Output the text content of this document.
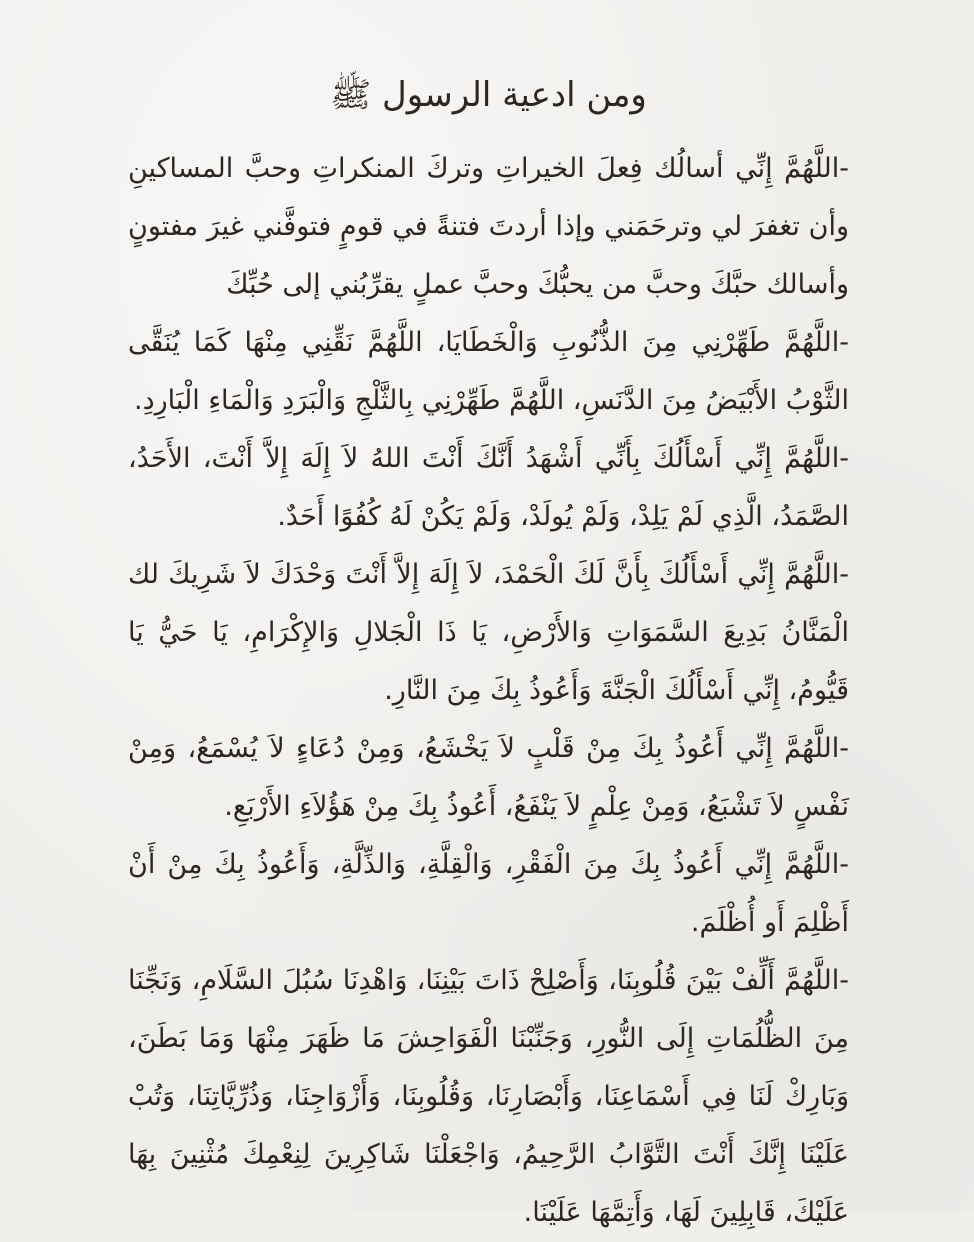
ومن ادعية الرسول ﷺ

-اللَّهُمَّ إِنِّي أسالُك فِعلَ الخيراتِ وتركَ المنكراتِ وحبَّ المساكينِ وأن تغفرَ لي وترحَمَني وإذا أردتَ فتنةً في قومٍ فتوفَّني غيرَ مفتونٍ وأسالك حبَّكَ وحبَّ من يحبُّكَ وحبَّ عملٍ يقرِّبُني إلى حُبِّكَ

-اللَّهُمَّ طَهِّرْنِي مِنَ الذُّنُوبِ وَالْخَطَايَا، اللَّهُمَّ نَقِّنِي مِنْهَا كَمَا يُنَقَّى الثَّوْبُ الأَبْيَضُ مِنَ الدَّنَسِ، اللَّهُمَّ طَهِّرْنِي بِالثَّلْجِ وَالْبَرَدِ وَالْمَاءِ الْبَارِدِ.

-اللَّهُمَّ إِنِّي أَسْأَلُكَ بِأَنِّي أَشْهَدُ أَنَّكَ أَنْتَ اللهُ لاَ إِلَهَ إِلاَّ أَنْتَ، الأَحَدُ، الصَّمَدُ، الَّذِي لَمْ يَلِدْ، وَلَمْ يُولَدْ، وَلَمْ يَكُنْ لَهُ كُفُوًا أَحَدٌ.

-اللَّهُمَّ إِنِّي أَسْأَلُكَ بِأَنَّ لَكَ الْحَمْدَ، لاَ إِلَهَ إِلاَّ أَنْتَ وَحْدَكَ لاَ شَرِيكَ لك الْمَنَّانُ بَدِيعَ السَّمَوَاتِ وَالأَرْضِ، يَا ذَا الْجَلالِ وَالإِكْرَامِ، يَا حَيُّ يَا قَيُّومُ، إِنِّي أَسْأَلُكَ الْجَنَّةَ وَأَعُوذُ بِكَ مِنَ النَّارِ.

-اللَّهُمَّ إِنِّي أَعُوذُ بِكَ مِنْ قَلْبٍ لاَ يَخْشَعُ، وَمِنْ دُعَاءٍ لاَ يُسْمَعُ، وَمِنْ نَفْسٍ لاَ تَشْبَعُ، وَمِنْ عِلْمٍ لاَ يَنْفَعُ، أَعُوذُ بِكَ مِنْ هَؤُلاَءِ الأَرْبَعِ.

-اللَّهُمَّ إِنِّي أَعُوذُ بِكَ مِنَ الْفَقْرِ، وَالْقِلَّةِ، وَالذِّلَّةِ، وَأَعُوذُ بِكَ مِنْ أَنْ أَظْلِمَ أَو أُظْلَمَ.

-اللَّهُمَّ أَلِّفْ بَيْنَ قُلُوبِنَا، وَأَصْلِحْ ذَاتَ بَيْنِنَا، وَاهْدِنَا سُبُلَ السَّلَامِ، وَنَجِّنَا مِنَ الظُّلُمَاتِ إِلَى النُّورِ، وَجَنِّبْنَا الْفَوَاحِشَ مَا ظَهَرَ مِنْهَا وَمَا بَطَنَ، وَبَارِكْ لَنَا فِي أَسْمَاعِنَا، وَأَبْصَارِنَا، وَقُلُوبِنَا، وَأَزْوَاجِنَا، وَذُرِّيَّاتِنَا، وَتُبْ عَلَيْنَا إِنَّكَ أَنْتَ التَّوَّابُ الرَّحِيمُ، وَاجْعَلْنَا شَاكِرِينَ لِنِعْمِكَ مُثْنِينَ بِهَا عَلَيْكَ، قَابِلِينَ لَهَا، وَأَتِمَّهَا عَلَيْنَا.
